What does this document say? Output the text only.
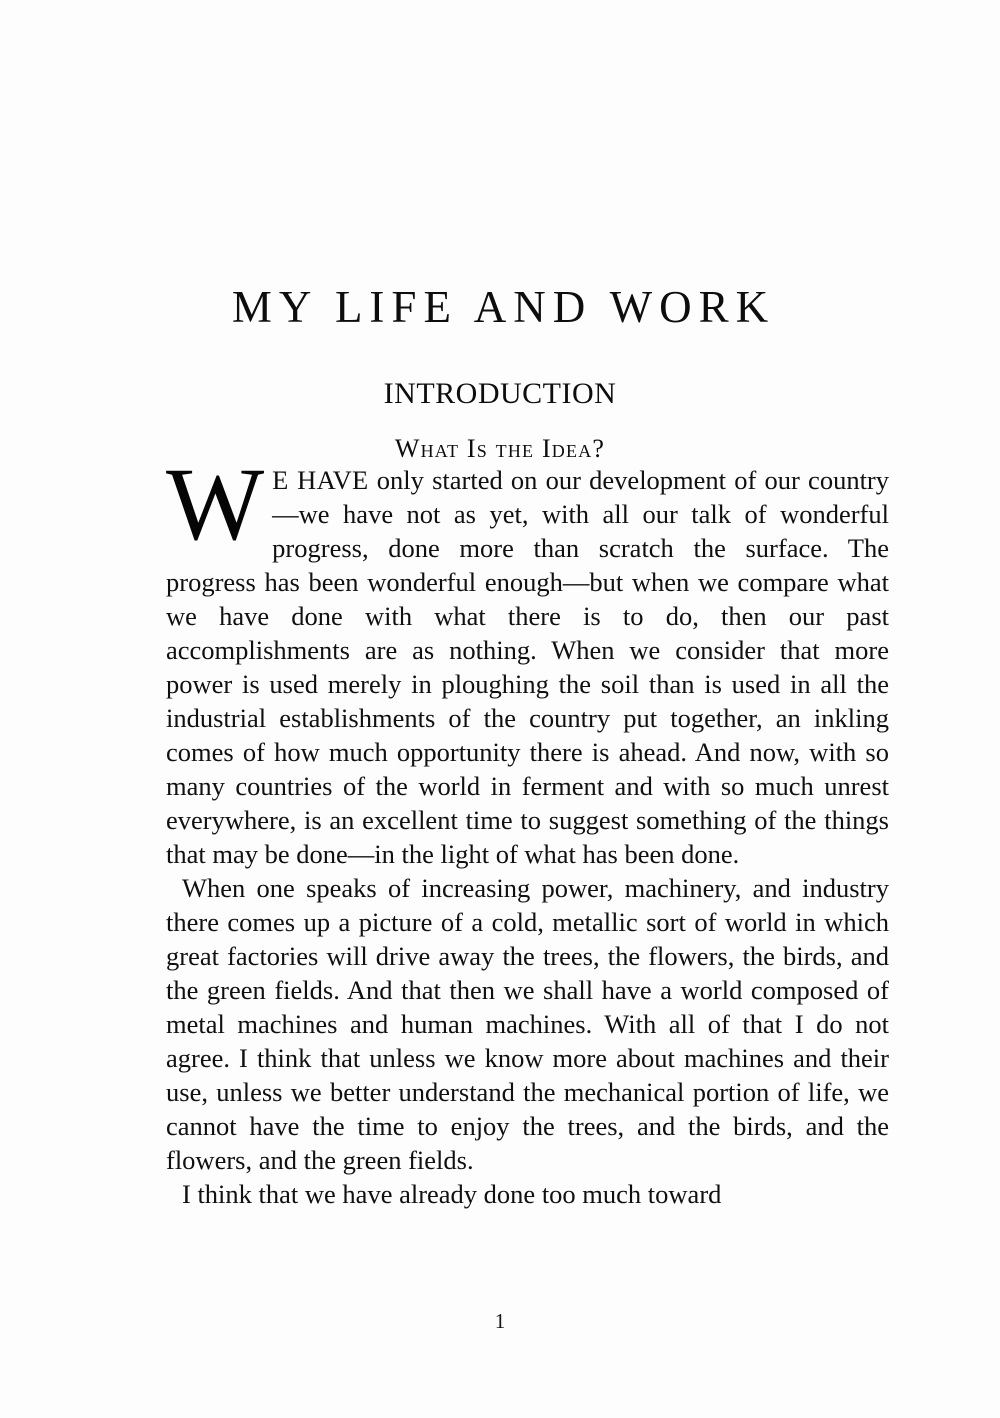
MY LIFE AND WORK
INTRODUCTION
What Is the Idea?

W E HAVE only started on our development of our country—we have not as yet, with all our talk of wonderful progress, done more than scratch the surface. The progress has been wonderful enough—but when we compare what we have done with what there is to do, then our past accomplishments are as nothing. When we consider that more power is used merely in ploughing the soil than is used in all the industrial establishments of the country put together, an inkling comes of how much opportunity there is ahead. And now, with so many countries of the world in ferment and with so much unrest everywhere, is an excellent time to suggest something of the things that may be done—in the light of what has been done.

When one speaks of increasing power, machinery, and industry there comes up a picture of a cold, metallic sort of world in which great factories will drive away the trees, the flowers, the birds, and the green fields. And that then we shall have a world composed of metal machines and human machines. With all of that I do not agree. I think that unless we know more about machines and their use, unless we better understand the mechanical portion of life, we cannot have the time to enjoy the trees, and the birds, and the flowers, and the green fields.

I think that we have already done too much toward

1
